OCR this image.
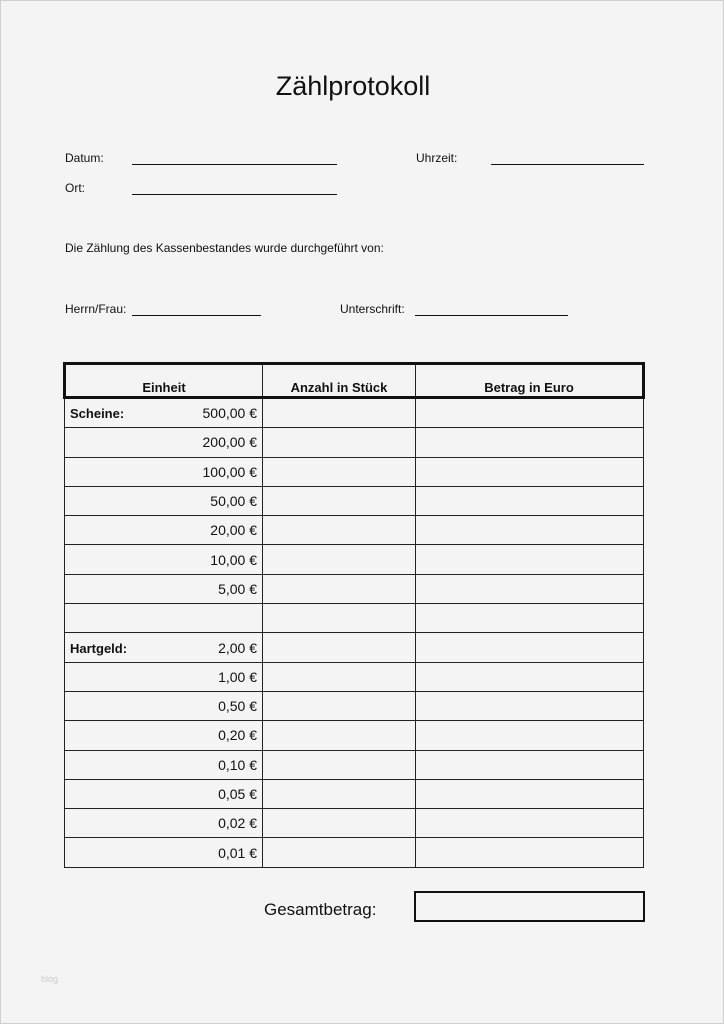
Zählprotokoll
Datum:	Uhrzeit:
Ort:
Die Zählung des Kassenbestandes wurde durchgeführt von:
Herrn/Frau:	Unterschrift:
Einheit	Anzahl in Stück	Betrag in Euro

Scheine: 500,00 €		

200,00 €		

100,00 €		

50,00 €		

20,00 €		

10,00 €		

5,00 €		

Hartgeld: 2,00 €		

1,00 €		

0,50 €		

0,20 €		

0,10 €		

0,05 €		

0,02 €		

0,01 €		

Gesamtbetrag:
blog
